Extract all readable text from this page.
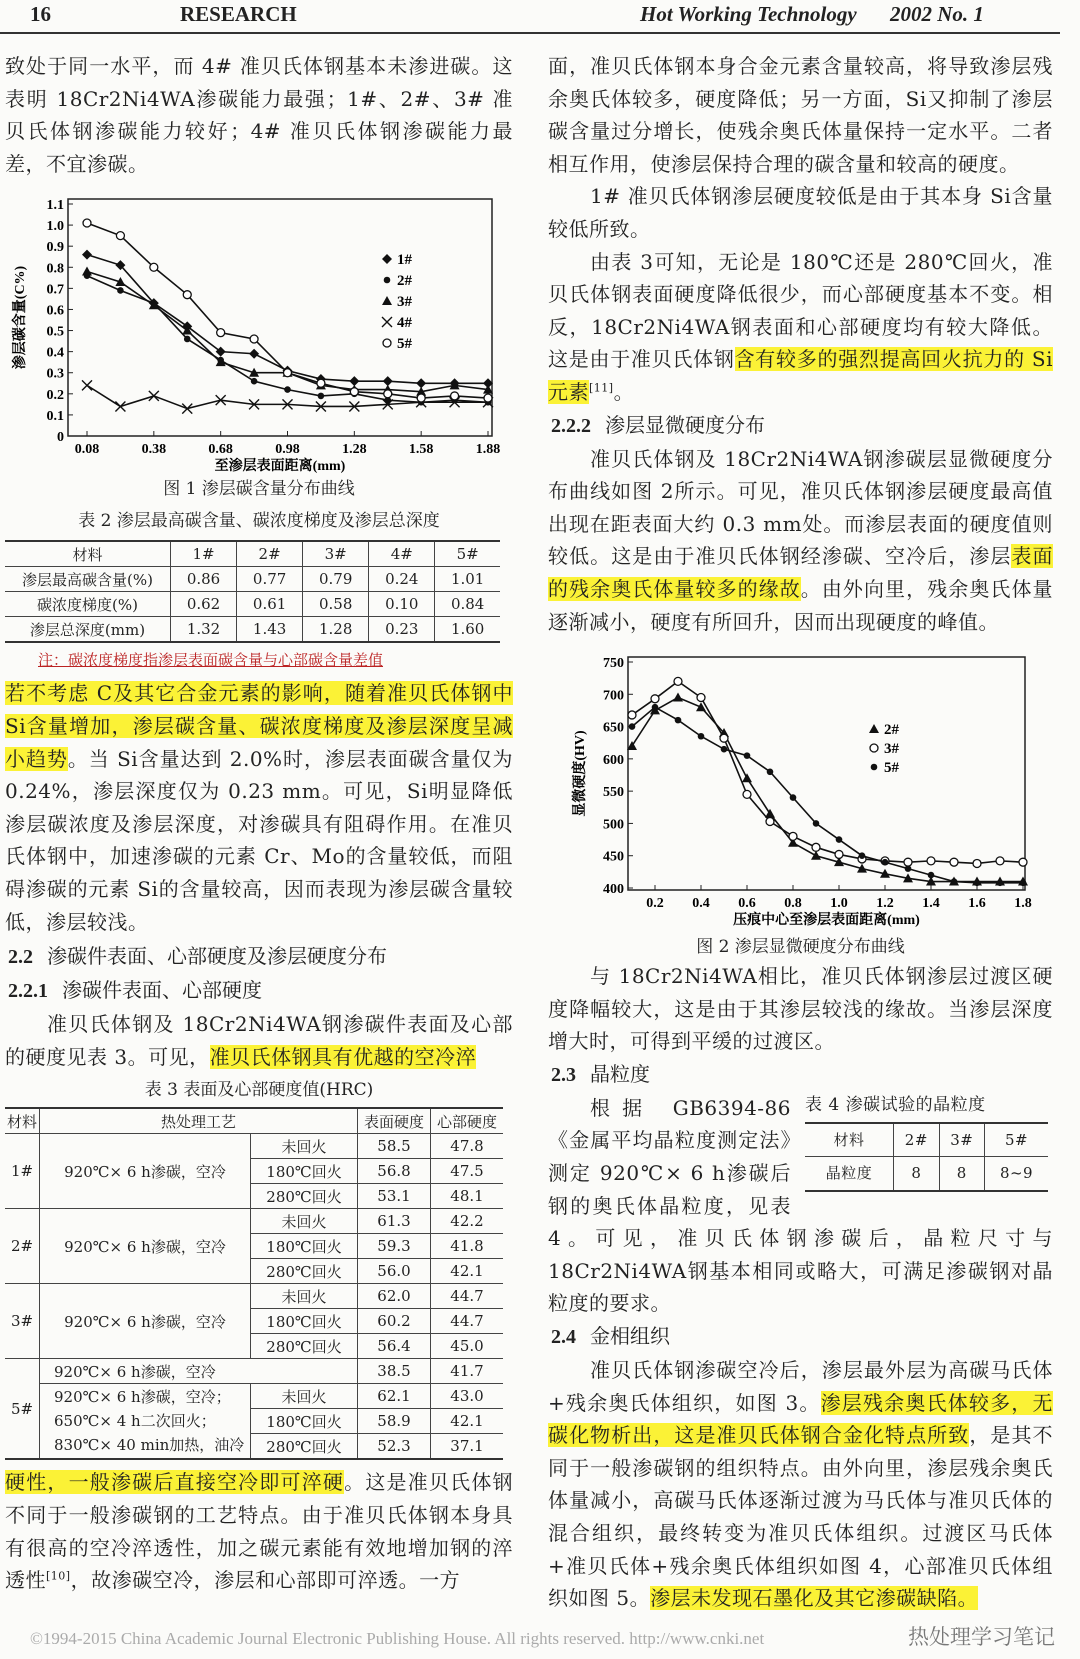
16	RESEARCH	Hot Working Technology 2002 No. 1
致处于同一水平，而 4# 准贝氏体钢基本未渗进碳。这表明 18Cr2Ni4WA渗碳能力最强；1#、2#、3# 准贝氏体钢渗碳能力较好；4# 准贝氏体钢渗碳能力最差，不宜渗碳。
0
0.1
0.2
0.3
0.4
0.5
0.6
0.7
0.8
0.9
1.0
1.1
0.08	0.38	0.68	0.98	1.28	1.58	1.88
至渗层表面距离(mm)
渗层碳含量(C%)
1#
2#
3#
4#
5#
图 1 渗层碳含量分布曲线
表 2 渗层最高碳含量、碳浓度梯度及渗层总深度
材料	1#	2#	3#	4#	5#
渗层最高碳含量(%)	0.86	0.77	0.79	0.24	1.01
碳浓度梯度(%)	0.62	0.61	0.58	0.10	0.84
渗层总深度(mm)	1.32	1.43	1.28	0.23	1.60
注：碳浓度梯度指渗层表面碳含量与心部碳含量差值
若不考虑 C及其它合金元素的影响，随着准贝氏体钢中 Si含量增加，渗层碳含量、碳浓度梯度及渗层深度呈减小趋势。当 Si含量达到 2.0%时，渗层表面碳含量仅为 0.24%，渗层深度仅为 0.23 mm。可见，Si明显降低渗层碳浓度及渗层深度，对渗碳具有阻碍作用。在准贝氏体钢中，加速渗碳的元素 Cr、Mo的含量较低，而阻碍渗碳的元素 Si的含量较高，因而表现为渗层碳含量较低，渗层较浅。
2.2 渗碳件表面、心部硬度及渗层硬度分布
2.2.1 渗碳件表面、心部硬度
准贝氏体钢及 18Cr2Ni4WA钢渗碳件表面及心部的硬度见表 3。可见，准贝氏体钢具有优越的空冷淬
表 3 表面及心部硬度值(HRC)
材料	热处理工艺		表面硬度	心部硬度
1#	920℃× 6 h渗碳，空冷	未回火	58.5	47.8
		180℃回火	56.8	47.5
		280℃回火	53.1	48.1
2#	920℃× 6 h渗碳，空冷	未回火	61.3	42.2
		180℃回火	59.3	41.8
		280℃回火	56.0	42.1
3#	920℃× 6 h渗碳，空冷	未回火	62.0	44.7
		180℃回火	60.2	44.7
		280℃回火	56.4	45.0
5#	920℃× 6 h渗碳，空冷		38.5	41.7

	920℃× 6 h渗碳，空冷；
650℃× 4 h二次回火；
830℃× 40 min加热，油冷	未回火	62.1	43.0
		180℃回火	58.9	42.1
		280℃回火	52.3	37.1
硬性，一般渗碳后直接空冷即可淬硬。这是准贝氏体钢不同于一般渗碳钢的工艺特点。由于准贝氏体钢本身具有很高的空冷淬透性，加之碳元素能有效地增加钢的淬透性[10]，故渗碳空冷，渗层和心部即可淬透。一方
面，准贝氏体钢本身合金元素含量较高，将导致渗层残余奥氏体较多，硬度降低；另一方面，Si又抑制了渗层碳含量过分增长，使残余奥氏体量保持一定水平。二者相互作用，使渗层保持合理的碳含量和较高的硬度。
1# 准贝氏体钢渗层硬度较低是由于其本身 Si含量较低所致。
由表 3可知，无论是 180℃还是 280℃回火，准贝氏体钢表面硬度降低很少，而心部硬度基本不变。相反，18Cr2Ni4WA钢表面和心部硬度均有较大降低。这是由于准贝氏体钢含有较多的强烈提高回火抗力的 Si元素[11]。
2.2.2 渗层显微硬度分布
准贝氏体钢及 18Cr2Ni4WA钢渗碳层显微硬度分布曲线如图 2所示。可见，准贝氏体钢渗层硬度最高值出现在距表面大约 0.3 mm处。而渗层表面的硬度值则较低。这是由于准贝氏体钢经渗碳、空冷后，渗层表面的残余奥氏体量较多的缘故。由外向里，残余奥氏体量逐渐减小，硬度有所回升，因而出现硬度的峰值。
400
450
500
550
600
650
700
750
0.2 0.4 0.6 0.8 1.0 1.2 1.4 1.6 1.8
压痕中心至渗层表面距离(mm)
显微硬度(HV)
2#
3#
5#
图 2 渗层显微硬度分布曲线
与 18Cr2Ni4WA相比，准贝氏体钢渗层过渡区硬度降幅较大，这是由于其渗层较浅的缘故。当渗层深度增大时，可得到平缓的过渡区。
2.3 晶粒度
表 4 渗碳试验的晶粒度
材料	2#	3#	5#
晶粒度	8	8	8~9
根据 GB6394-86《金属平均晶粒度测定法》测定 920℃× 6 h渗碳后钢的奥氏体晶粒度，见表 4。可见，准贝氏体钢渗碳后，晶粒尺寸与 18Cr2Ni4WA钢基本相同或略大，可满足渗碳钢对晶粒度的要求。
2.4 金相组织
准贝氏体钢渗碳空冷后，渗层最外层为高碳马氏体+残余奥氏体组织，如图 3。渗层残余奥氏体较多，无碳化物析出，这是准贝氏体钢合金化特点所致，是其不同于一般渗碳钢的组织特点。由外向里，渗层残余奥氏体量减小，高碳马氏体逐渐过渡为马氏体与准贝氏体的混合组织，最终转变为准贝氏体组织。过渡区马氏体+准贝氏体+残余奥氏体组织如图 4，心部准贝氏体组织如图 5。渗层未发现石墨化及其它渗碳缺陷。
©1994-2015 China Academic Journal Electronic Publishing House. All rights reserved. http://www.cnki.net	热处理学习笔记
